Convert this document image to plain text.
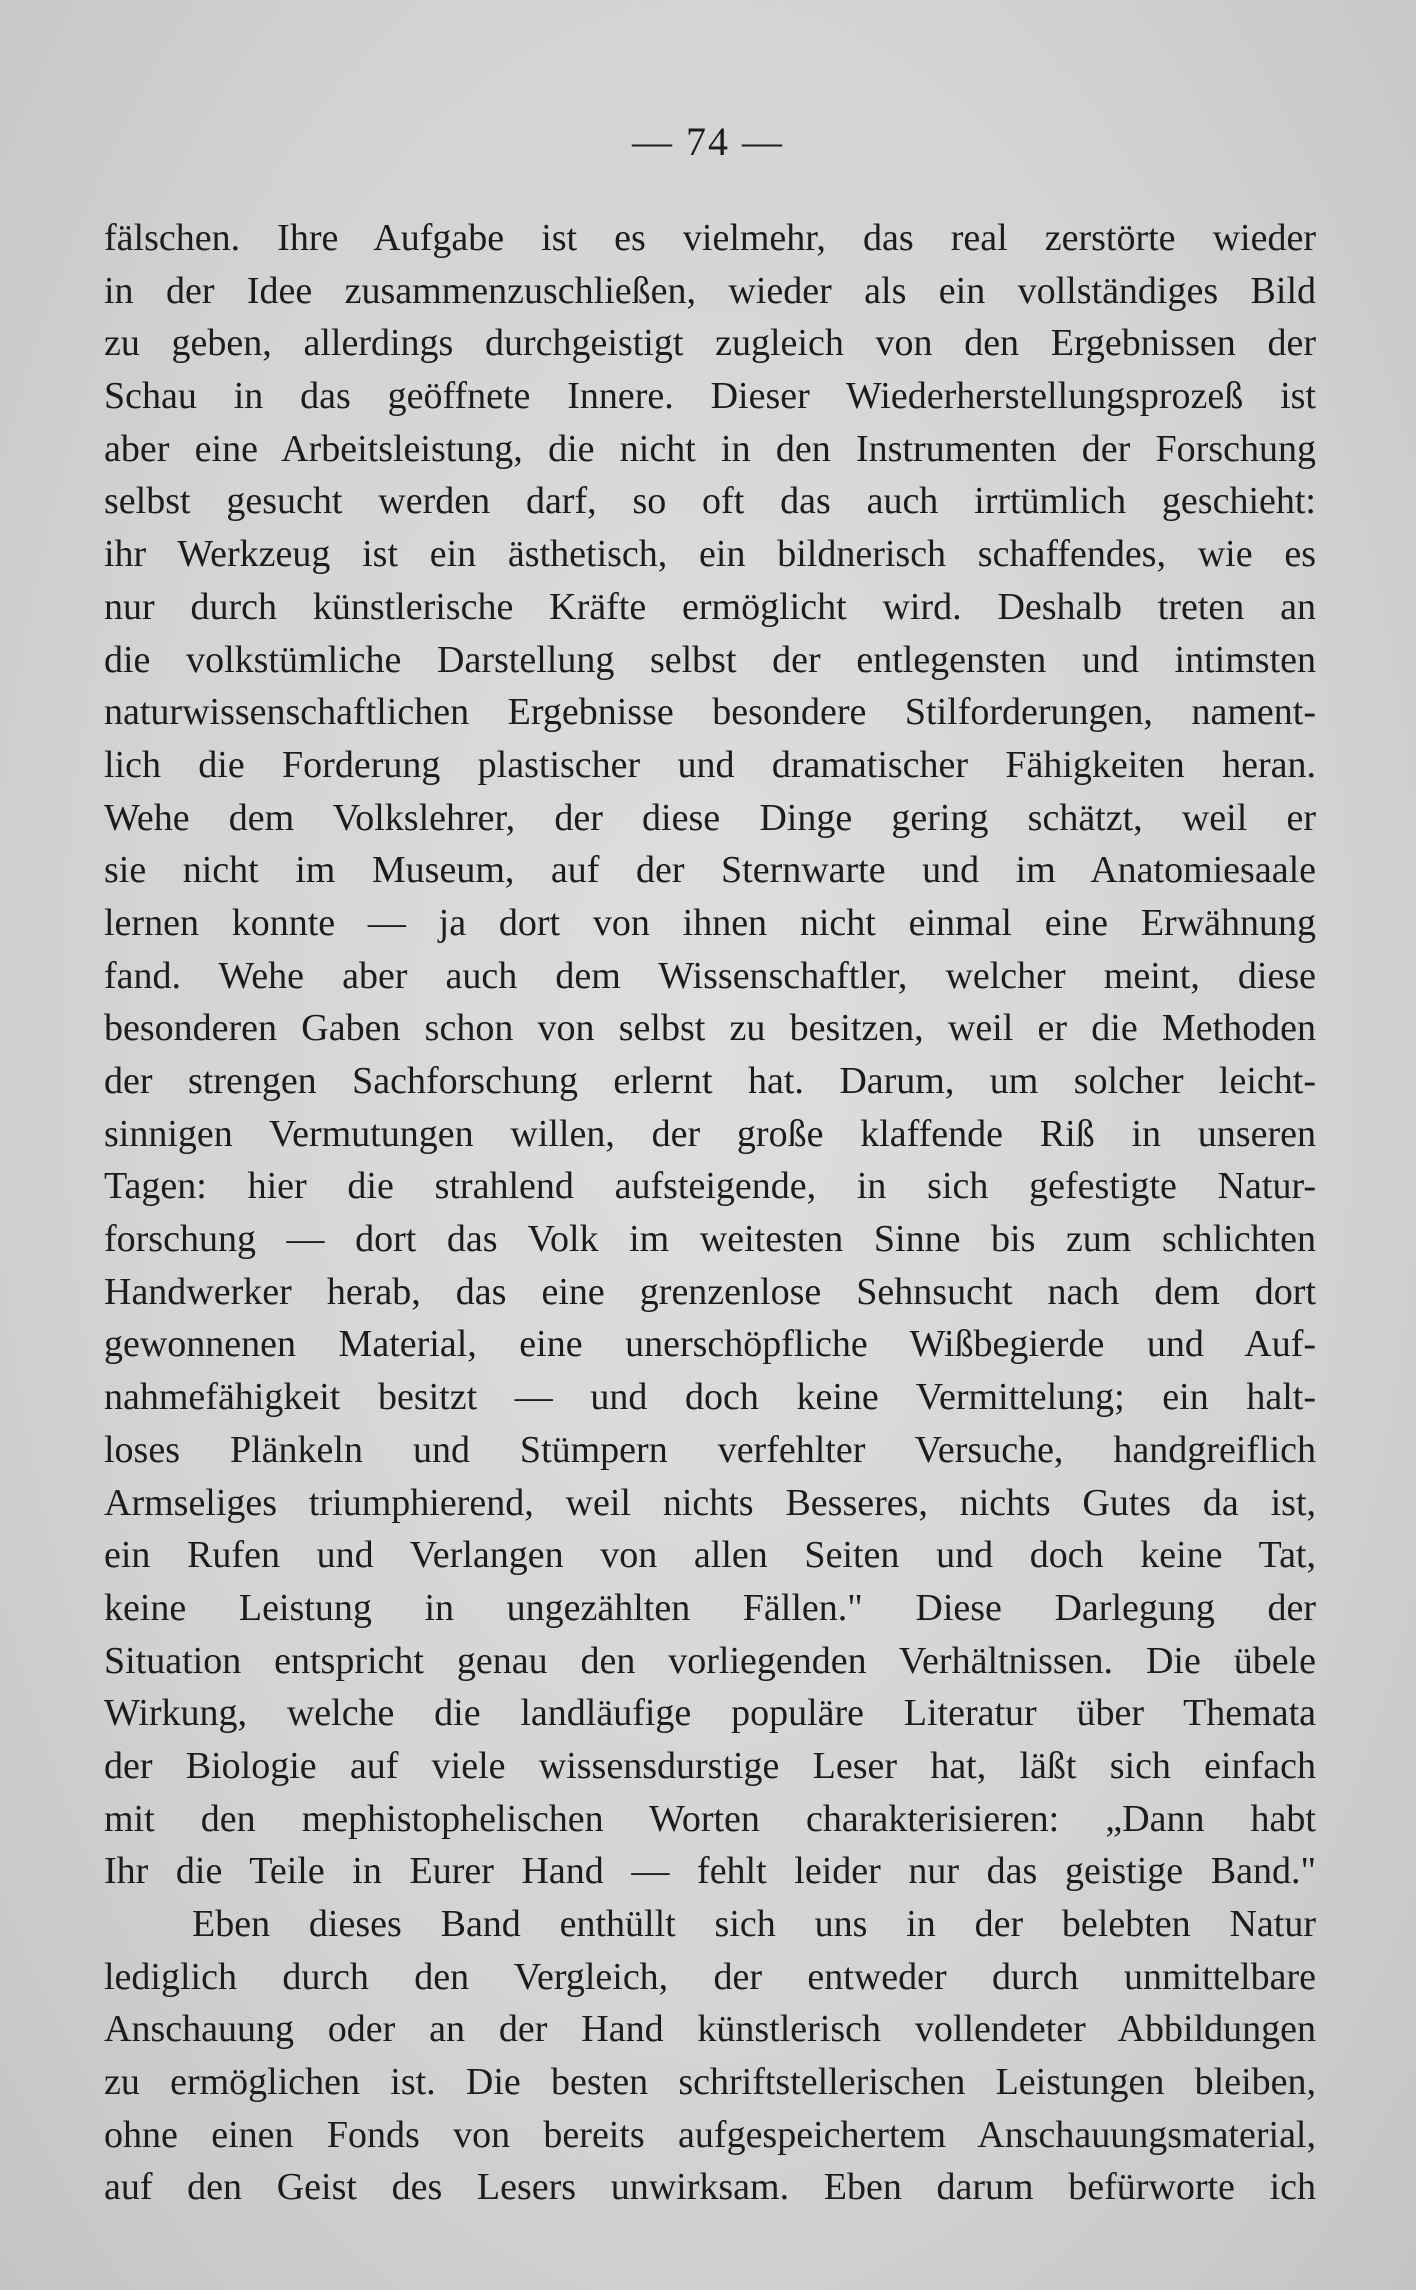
— 74 —
fälschen. Ihre Aufgabe ist es vielmehr, das real zerstörte wieder
in der Idee zusammenzuschließen, wieder als ein vollständiges Bild
zu geben, allerdings durchgeistigt zugleich von den Ergebnissen der
Schau in das geöffnete Innere. Dieser Wiederherstellungsprozeß ist
aber eine Arbeitsleistung, die nicht in den Instrumenten der Forschung
selbst gesucht werden darf, so oft das auch irrtümlich geschieht:
ihr Werkzeug ist ein ästhetisch, ein bildnerisch schaffendes, wie es
nur durch künstlerische Kräfte ermöglicht wird. Deshalb treten an
die volkstümliche Darstellung selbst der entlegensten und intimsten
naturwissenschaftlichen Ergebnisse besondere Stilforderungen, nament-
lich die Forderung plastischer und dramatischer Fähigkeiten heran.
Wehe dem Volkslehrer, der diese Dinge gering schätzt, weil er
sie nicht im Museum, auf der Sternwarte und im Anatomiesaale
lernen konnte — ja dort von ihnen nicht einmal eine Erwähnung
fand. Wehe aber auch dem Wissenschaftler, welcher meint, diese
besonderen Gaben schon von selbst zu besitzen, weil er die Methoden
der strengen Sachforschung erlernt hat. Darum, um solcher leicht-
sinnigen Vermutungen willen, der große klaffende Riß in unseren
Tagen: hier die strahlend aufsteigende, in sich gefestigte Natur-
forschung — dort das Volk im weitesten Sinne bis zum schlichten
Handwerker herab, das eine grenzenlose Sehnsucht nach dem dort
gewonnenen Material, eine unerschöpfliche Wißbegierde und Auf-
nahmefähigkeit besitzt — und doch keine Vermittelung; ein halt-
loses Plänkeln und Stümpern verfehlter Versuche, handgreiflich
Armseliges triumphierend, weil nichts Besseres, nichts Gutes da ist,
ein Rufen und Verlangen von allen Seiten und doch keine Tat,
keine Leistung in ungezählten Fällen." Diese Darlegung der
Situation entspricht genau den vorliegenden Verhältnissen. Die übele
Wirkung, welche die landläufige populäre Literatur über Themata
der Biologie auf viele wissensdurstige Leser hat, läßt sich einfach
mit den mephistophelischen Worten charakterisieren: „Dann habt
Ihr die Teile in Eurer Hand — fehlt leider nur das geistige Band."
Eben dieses Band enthüllt sich uns in der belebten Natur
lediglich durch den Vergleich, der entweder durch unmittelbare
Anschauung oder an der Hand künstlerisch vollendeter Abbildungen
zu ermöglichen ist. Die besten schriftstellerischen Leistungen bleiben,
ohne einen Fonds von bereits aufgespeichertem Anschauungsmaterial,
auf den Geist des Lesers unwirksam. Eben darum befürworte ich
